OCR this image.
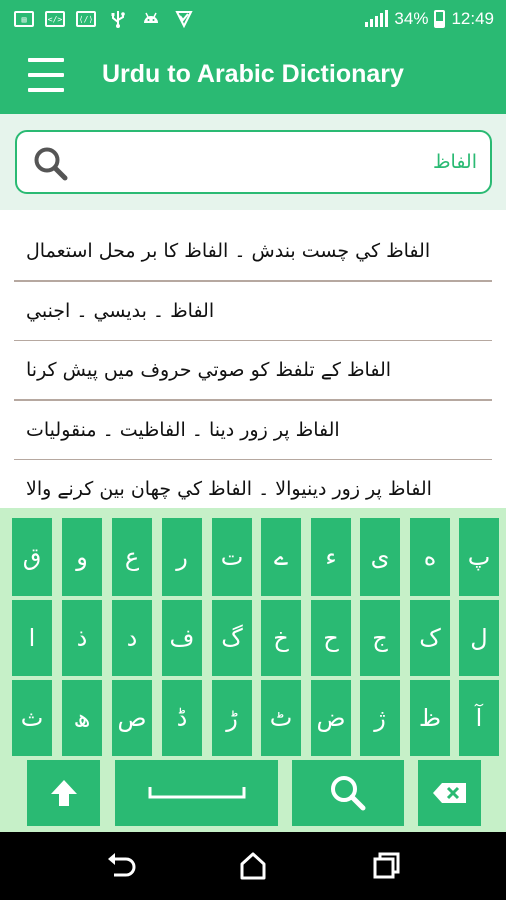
▤	</>	⟨/⟩	34% 12:49
Urdu to Arabic Dictionary
الفاظ
الفاظ کي چست بندش ۔ الفاظ کا بر محل استعمال
الفاظ ۔ بديسي ۔ اجنبي
الفاظ کے تلفظ کو صوتي حروف ميں پيش کرنا
الفاظ پر زور دينا ۔ الفاظيت ۔ منقوليات
الفاظ پر زور دينيوالا ۔ الفاظ کي چھان بين کرنے والا
پ
ه
ى
ء
ے
ت
ر
ع
و
ق
ل
ک
ج
ح
خ
گ
ف
د
ذ
ا
آ
ظ
ژ
ض
ٹ
ڑ
ڈ
ص
ھ
ث
